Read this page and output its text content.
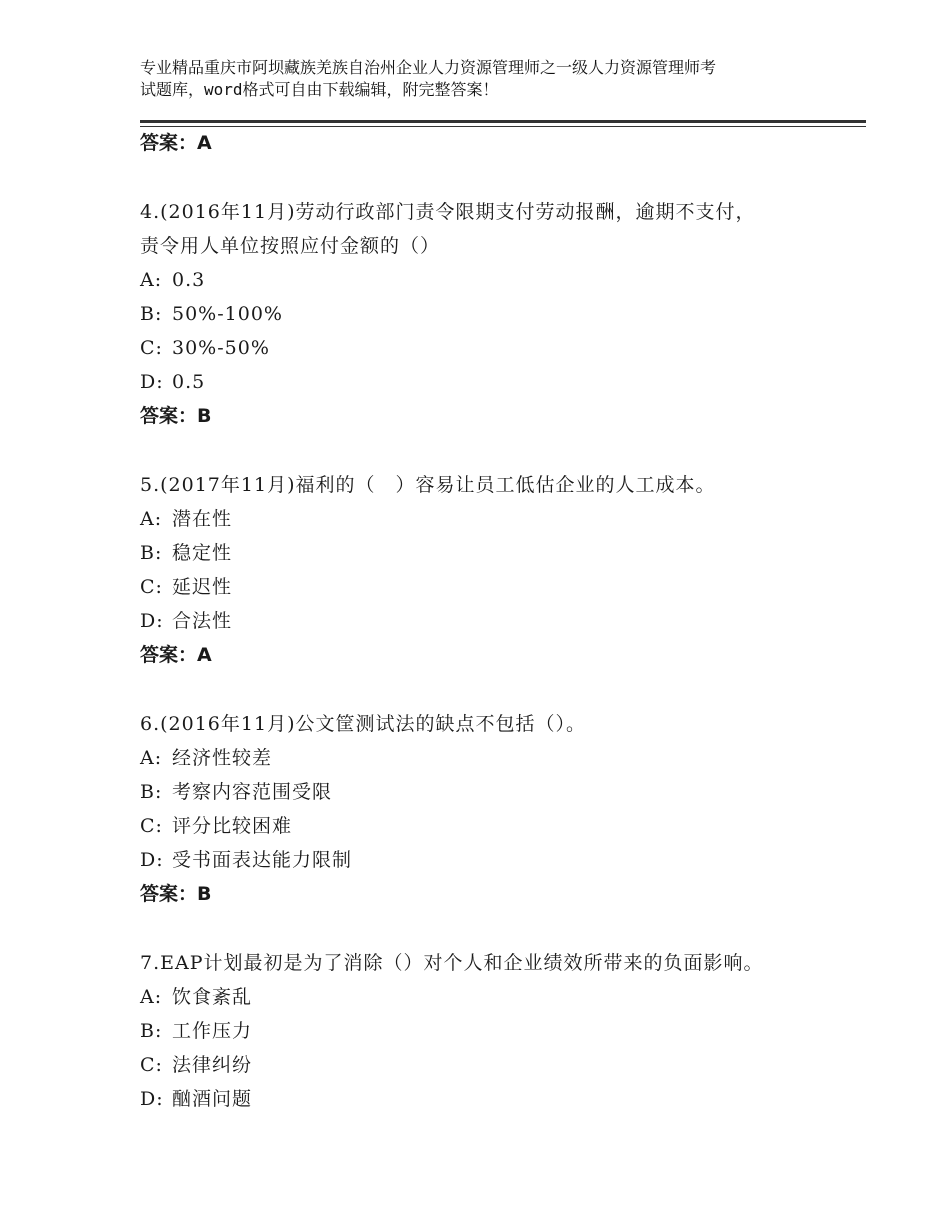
专业精品重庆市阿坝藏族羌族自治州企业人力资源管理师之一级人力资源管理师考
试题库，word格式可自由下载编辑，附完整答案！
答案：A
4.(2016年11月)劳动行政部门责令限期支付劳动报酬，逾期不支付，
责令用人单位按照应付金额的（）
A: 0.3
B: 50%-100%
C: 30%-50%
D: 0.5
答案：B
5.(2017年11月)福利的（　）容易让员工低估企业的人工成本。
A: 潜在性
B: 稳定性
C: 延迟性
D: 合法性
答案：A
6.(2016年11月)公文筐测试法的缺点不包括（）。
A: 经济性较差
B: 考察内容范围受限
C: 评分比较困难
D: 受书面表达能力限制
答案：B
7.EAP计划最初是为了消除（）对个人和企业绩效所带来的负面影响。
A: 饮食紊乱
B: 工作压力
C: 法律纠纷
D: 酗酒问题
